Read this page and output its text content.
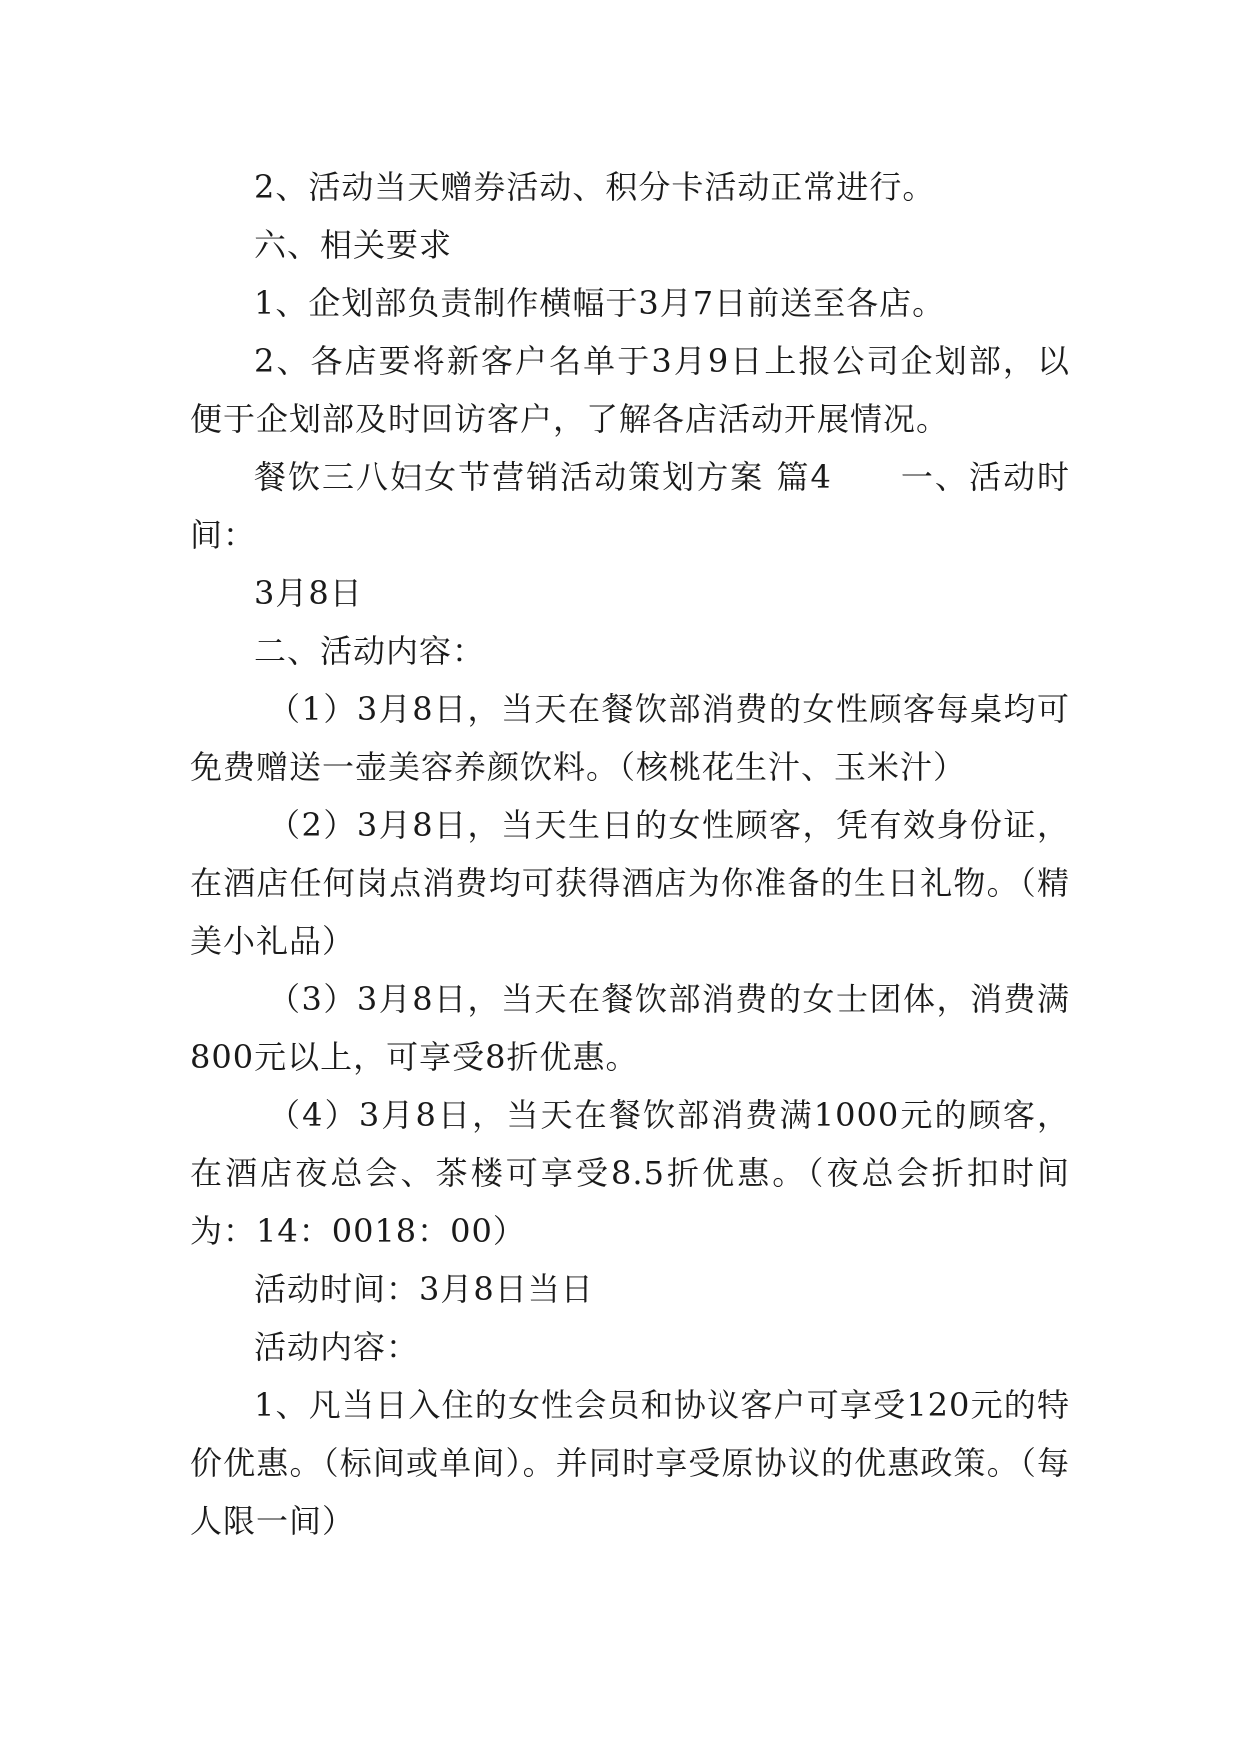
2、活动当天赠券活动、积分卡活动正常进行。

六、相关要求

1、企划部负责制作横幅于3月7日前送至各店。

2、各店要将新客户名单于3月9日上报公司企划部，以便于企划部及时回访客户，了解各店活动开展情况。

餐饮三八妇女节营销活动策划方案 篇4　　一、活动时间：

3月8日

二、活动内容：

（1）3月8日，当天在餐饮部消费的女性顾客每桌均可免费赠送一壶美容养颜饮料。（核桃花生汁、玉米汁）

（2）3月8日，当天生日的女性顾客，凭有效身份证，在酒店任何岗点消费均可获得酒店为你准备的生日礼物。（精美小礼品）

（3）3月8日，当天在餐饮部消费的女士团体，消费满800元以上，可享受8折优惠。

（4）3月8日，当天在餐饮部消费满1000元的顾客，在酒店夜总会、茶楼可享受8.5折优惠。（夜总会折扣时间为：14：0018：00）

活动时间：3月8日当日

活动内容：

1、凡当日入住的女性会员和协议客户可享受120元的特价优惠。（标间或单间）。并同时享受原协议的优惠政策。（每人限一间）
